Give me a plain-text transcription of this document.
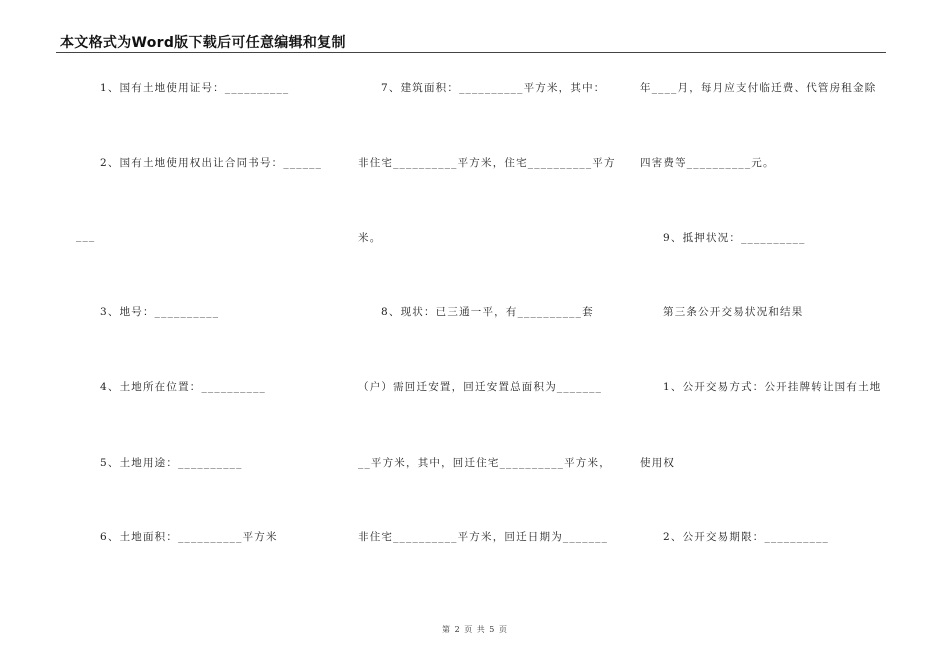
本文格式为Word版下载后可任意编辑和复制
1、国有土地使用证号：__________
2、国有土地使用权出让合同书号：______
___
3、地号：__________
4、土地所在位置：__________
5、土地用途：__________
6、土地面积：__________平方米
7、建筑面积：__________平方米，其中：
非住宅__________平方米，住宅__________平方
米。
8、现状：已三通一平，有__________套
（户）需回迁安置，回迁安置总面积为_______
__平方米，其中，回迁住宅__________平方米，
非住宅__________平方米，回迁日期为_______
年____月，每月应支付临迁费、代管房租金除
四害费等__________元。
9、抵押状况：__________
第三条公开交易状况和结果
1、公开交易方式：公开挂牌转让国有土地
使用权
2、公开交易期限：__________
第 2 页 共 5 页
